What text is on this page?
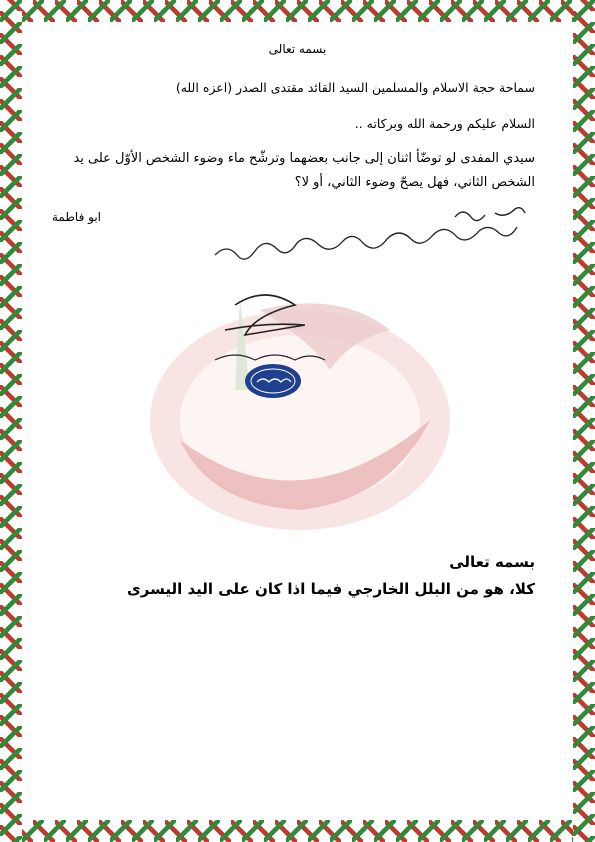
بسمه تعالى
سماحة حجة الاسلام والمسلمين السيد القائد مقتدى الصدر (اعزه الله)
السلام عليكم ورحمة الله وبركاته ..
سيدي المفدى لو توضّأ اثنان إلى جانب بعضهما وترشّح ماء وضوء الشخص الأوّل على يد الشخص الثاني، فهل يصحّ وضوء الثاني، أو لا؟
ابو فاطمة
بسمه تعالى
كلا، هو من البلل الخارجي فيما اذا كان على اليد اليسرى
